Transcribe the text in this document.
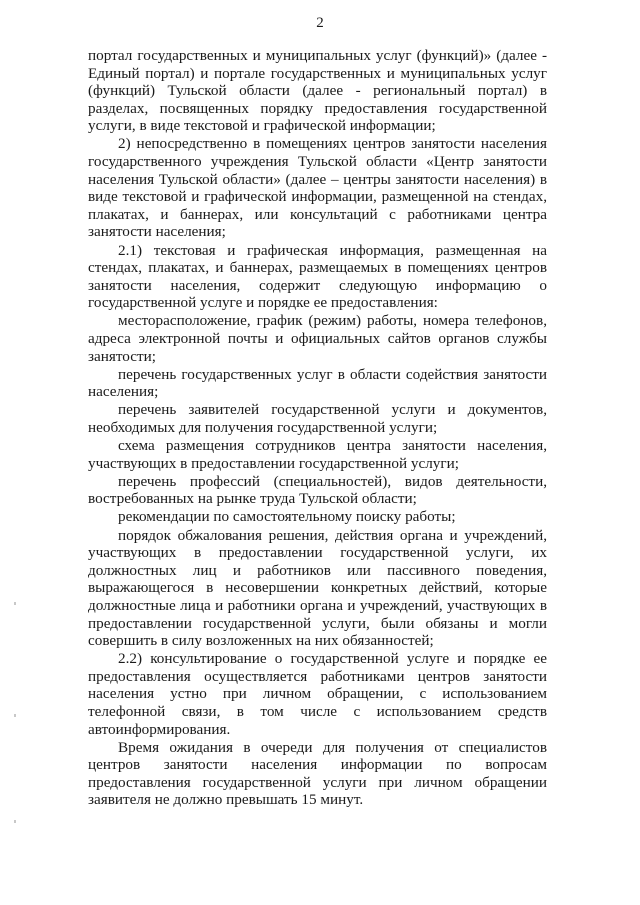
2

портал государственных и муниципальных услуг (функций)» (далее - Единый портал) и портале государственных и муниципальных услуг (функций) Тульской области (далее - региональный портал) в разделах, посвященных порядку предоставления государственной услуги, в виде текстовой и графической информации;

2) непосредственно в помещениях центров занятости населения государственного учреждения Тульской области «Центр занятости населения Тульской области» (далее – центры занятости населения) в виде текстовой и графической информации, размещенной на стендах, плакатах, и баннерах, или консультаций с работниками центра занятости населения;

2.1) текстовая и графическая информация, размещенная на стендах, плакатах, и баннерах, размещаемых в помещениях центров занятости населения, содержит следующую информацию о государственной услуге и порядке ее предоставления:

месторасположение, график (режим) работы, номера телефонов, адреса электронной почты и официальных сайтов органов службы занятости;

перечень государственных услуг в области содействия занятости населения;

перечень заявителей государственной услуги и документов, необходимых для получения государственной услуги;

схема размещения сотрудников центра занятости населения, участвующих в предоставлении государственной услуги;

перечень профессий (специальностей), видов деятельности, востребованных на рынке труда Тульской области;

рекомендации по самостоятельному поиску работы;

порядок обжалования решения, действия органа и учреждений, участвующих в предоставлении государственной услуги, их должностных лиц и работников или пассивного поведения, выражающегося в несовершении конкретных действий, которые должностные лица и работники органа и учреждений, участвующих в предоставлении государственной услуги, были обязаны и могли совершить в силу возложенных на них обязанностей;

2.2) консультирование о государственной услуге и порядке ее предоставления осуществляется работниками центров занятости населения устно при личном обращении, с использованием телефонной связи, в том числе с использованием средств автоинформирования.

Время ожидания в очереди для получения от специалистов центров занятости населения информации по вопросам предоставления государственной услуги при личном обращении заявителя не должно превышать 15 минут.
